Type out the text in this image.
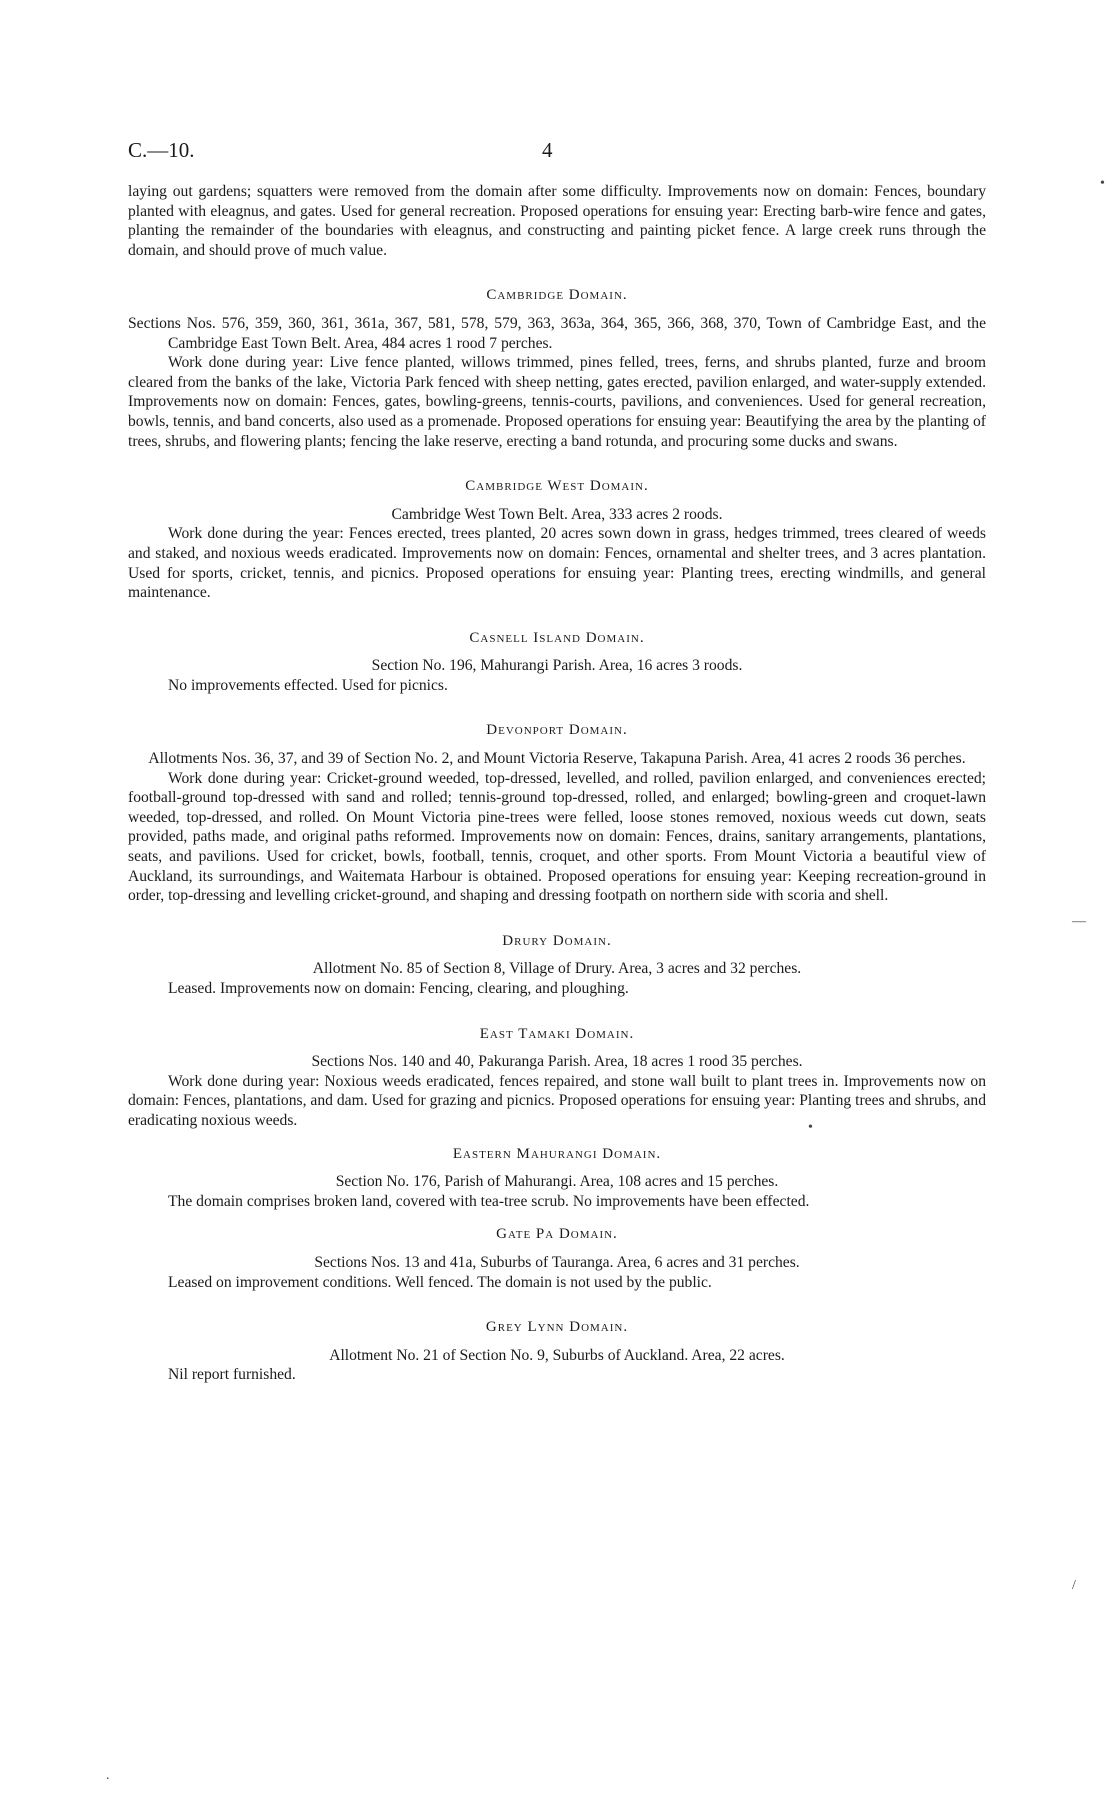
C.—10.	4

laying out gardens; squatters were removed from the domain after some difficulty. Improvements now on domain: Fences, boundary planted with eleagnus, and gates. Used for general recreation. Proposed operations for ensuing year: Erecting barb-wire fence and gates, planting the remainder of the boundaries with eleagnus, and constructing and painting picket fence. A large creek runs through the domain, and should prove of much value.

Cambridge Domain.

Sections Nos. 576, 359, 360, 361, 361a, 367, 581, 578, 579, 363, 363a, 364, 365, 366, 368, 370, Town of Cambridge East, and the Cambridge East Town Belt. Area, 484 acres 1 rood 7 perches.

Work done during year: Live fence planted, willows trimmed, pines felled, trees, ferns, and shrubs planted, furze and broom cleared from the banks of the lake, Victoria Park fenced with sheep netting, gates erected, pavilion enlarged, and water-supply extended. Improvements now on domain: Fences, gates, bowling-greens, tennis-courts, pavilions, and conveniences. Used for general recreation, bowls, tennis, and band concerts, also used as a promenade. Proposed operations for ensuing year: Beautifying the area by the planting of trees, shrubs, and flowering plants; fencing the lake reserve, erecting a band rotunda, and procuring some ducks and swans.

Cambridge West Domain.

Cambridge West Town Belt. Area, 333 acres 2 roods.

Work done during the year: Fences erected, trees planted, 20 acres sown down in grass, hedges trimmed, trees cleared of weeds and staked, and noxious weeds eradicated. Improvements now on domain: Fences, ornamental and shelter trees, and 3 acres plantation. Used for sports, cricket, tennis, and picnics. Proposed operations for ensuing year: Planting trees, erecting windmills, and general maintenance.

Casnell Island Domain.

Section No. 196, Mahurangi Parish. Area, 16 acres 3 roods.

No improvements effected. Used for picnics.

Devonport Domain.

Allotments Nos. 36, 37, and 39 of Section No. 2, and Mount Victoria Reserve, Takapuna Parish. Area, 41 acres 2 roods 36 perches.

Work done during year: Cricket-ground weeded, top-dressed, levelled, and rolled, pavilion enlarged, and conveniences erected; football-ground top-dressed with sand and rolled; tennis-ground top-dressed, rolled, and enlarged; bowling-green and croquet-lawn weeded, top-dressed, and rolled. On Mount Victoria pine-trees were felled, loose stones removed, noxious weeds cut down, seats provided, paths made, and original paths reformed. Improvements now on domain: Fences, drains, sanitary arrangements, plantations, seats, and pavilions. Used for cricket, bowls, football, tennis, croquet, and other sports. From Mount Victoria a beautiful view of Auckland, its surroundings, and Waitemata Harbour is obtained. Proposed operations for ensuing year: Keeping recreation-ground in order, top-dressing and levelling cricket-ground, and shaping and dressing footpath on northern side with scoria and shell.

Drury Domain.

Allotment No. 85 of Section 8, Village of Drury. Area, 3 acres and 32 perches.

Leased. Improvements now on domain: Fencing, clearing, and ploughing.

East Tamaki Domain.

Sections Nos. 140 and 40, Pakuranga Parish. Area, 18 acres 1 rood 35 perches.

Work done during year: Noxious weeds eradicated, fences repaired, and stone wall built to plant trees in. Improvements now on domain: Fences, plantations, and dam. Used for grazing and picnics. Proposed operations for ensuing year: Planting trees and shrubs, and eradicating noxious weeds.

Eastern Mahurangi Domain.

Section No. 176, Parish of Mahurangi. Area, 108 acres and 15 perches.

The domain comprises broken land, covered with tea-tree scrub. No improvements have been effected.

Gate Pa Domain.

Sections Nos. 13 and 41a, Suburbs of Tauranga. Area, 6 acres and 31 perches.

Leased on improvement conditions. Well fenced. The domain is not used by the public.

Grey Lynn Domain.

Allotment No. 21 of Section No. 9, Suburbs of Auckland. Area, 22 acres.

Nil report furnished.

•
—
•
/
.
